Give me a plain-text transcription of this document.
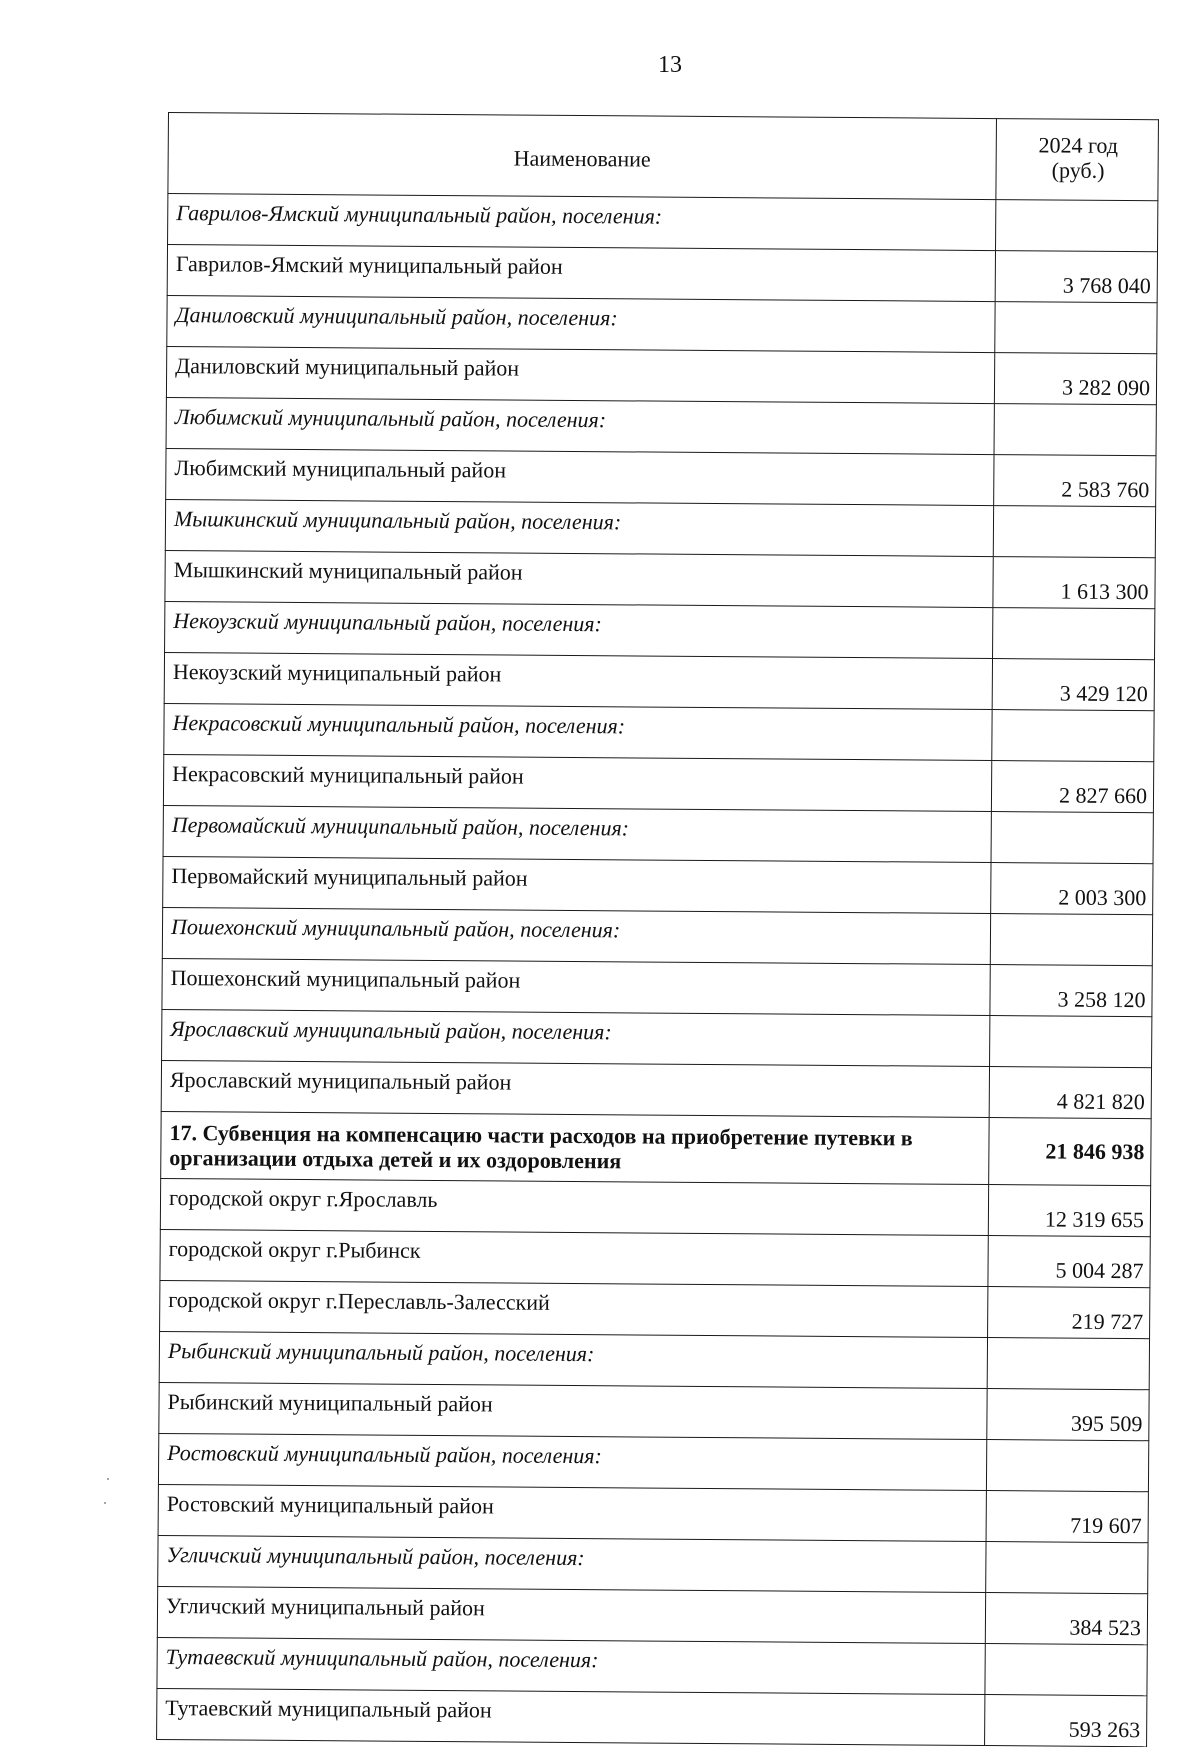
13
Наименование	2024 год
(руб.)
Гаврилов-Ямский муниципальный район, поселения:	
Гаврилов-Ямский муниципальный район	3 768 040
Даниловский муниципальный район, поселения:	
Даниловский муниципальный район	3 282 090
Любимский муниципальный район, поселения:	
Любимский муниципальный район	2 583 760
Мышкинский муниципальный район, поселения:	
Мышкинский муниципальный район	1 613 300
Некоузский муниципальный район, поселения:	
Некоузский муниципальный район	3 429 120
Некрасовский муниципальный район, поселения:	
Некрасовский муниципальный район	2 827 660
Первомайский муниципальный район, поселения:	
Первомайский муниципальный район	2 003 300
Пошехонский муниципальный район, поселения:	
Пошехонский муниципальный район	3 258 120
Ярославский муниципальный район, поселения:	
Ярославский муниципальный район	4 821 820
17. Субвенция на компенсацию части расходов на приобретение путевки в организации отдыха детей и их оздоровления	21 846 938
городской округ г.Ярославль	12 319 655
городской округ г.Рыбинск	5 004 287
городской округ г.Переславль-Залесский	219 727
Рыбинский муниципальный район, поселения:	
Рыбинский муниципальный район	395 509
Ростовский муниципальный район, поселения:	
Ростовский муниципальный район	719 607
Угличский муниципальный район, поселения:	
Угличский муниципальный район	384 523
Тутаевский муниципальный район, поселения:	
Тутаевский муниципальный район	593 263
